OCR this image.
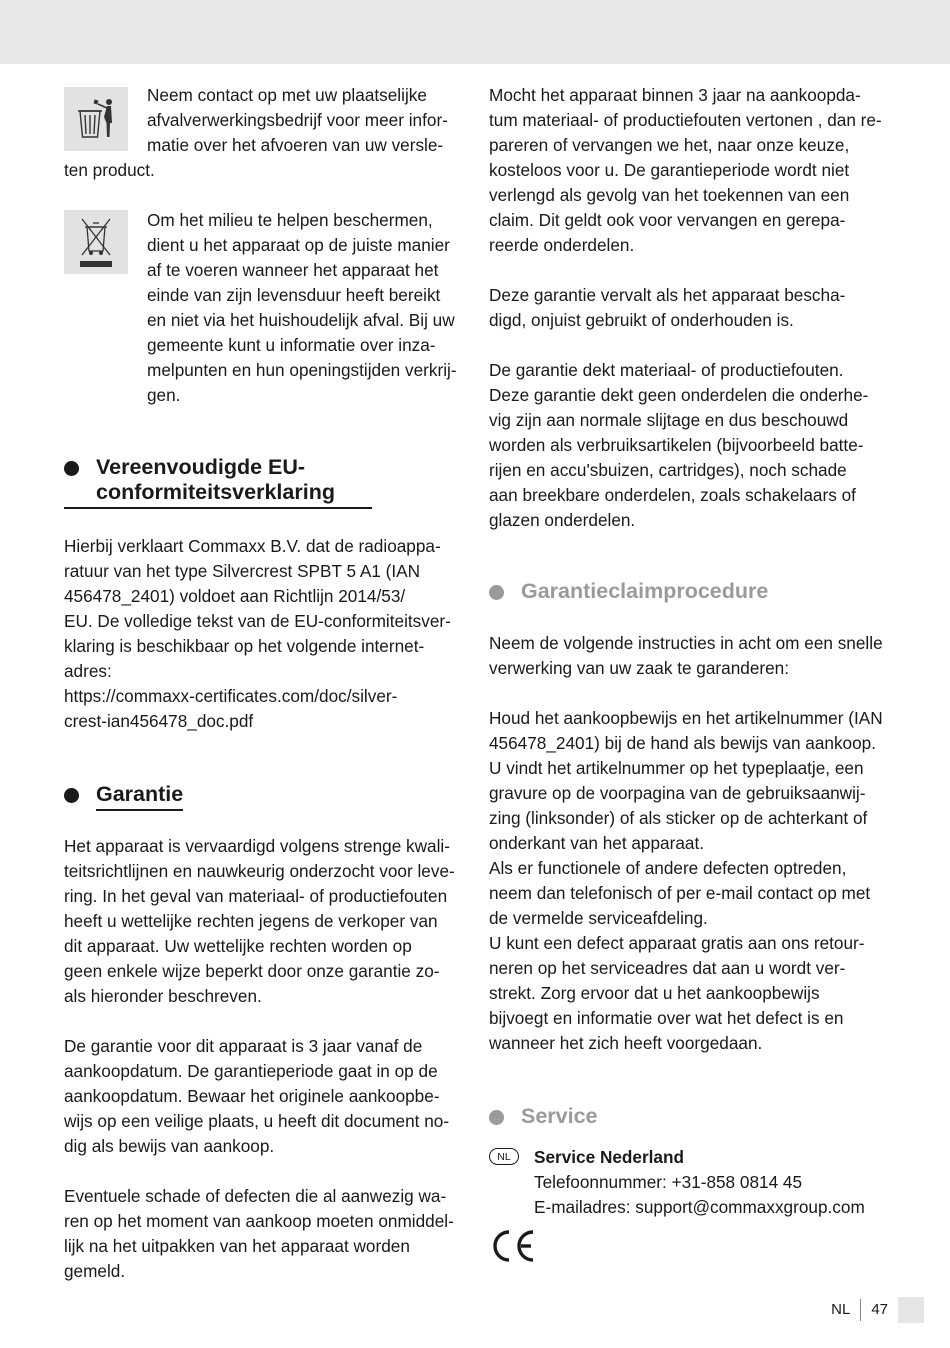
Neem contact op met uw plaatselijke

afvalverwerkingsbedrijf voor meer infor-

matie over het afvoeren van uw versle-

ten product.

Om het milieu te helpen beschermen,

dient u het apparaat op de juiste manier

af te voeren wanneer het apparaat het

einde van zijn levensduur heeft bereikt

en niet via het huishoudelijk afval. Bij uw

gemeente kunt u informatie over inza-

melpunten en hun openingstijden verkrij-

gen.

Vereenvoudigde EU-
conformiteitsverklaring

Hierbij verklaart Commaxx B.V. dat de radioappa-

ratuur van het type Silvercrest SPBT 5 A1 (IAN

456478_2401) voldoet aan Richtlijn 2014/53/

EU. De volledige tekst van de EU-conformiteitsver-

klaring is beschikbaar op het volgende internet-

adres:

https://commaxx-certificates.com/doc/silver-

crest-ian456478_doc.pdf

Garantie

Het apparaat is vervaardigd volgens strenge kwali-

teitsrichtlijnen en nauwkeurig onderzocht voor leve-

ring. In het geval van materiaal- of productiefouten

heeft u wettelijke rechten jegens de verkoper van

dit apparaat. Uw wettelijke rechten worden op

geen enkele wijze beperkt door onze garantie zo-

als hieronder beschreven.

De garantie voor dit apparaat is 3 jaar vanaf de

aankoopdatum. De garantieperiode gaat in op de

aankoopdatum. Bewaar het originele aankoopbe-

wijs op een veilige plaats, u heeft dit document no-

dig als bewijs van aankoop.

Eventuele schade of defecten die al aanwezig wa-

ren op het moment van aankoop moeten onmiddel-

lijk na het uitpakken van het apparaat worden

gemeld.

Mocht het apparaat binnen 3 jaar na aankoopda-

tum materiaal- of productiefouten vertonen , dan re-

pareren of vervangen we het, naar onze keuze,

kosteloos voor u. De garantieperiode wordt niet

verlengd als gevolg van het toekennen van een

claim. Dit geldt ook voor vervangen en gerepa-

reerde onderdelen.

Deze garantie vervalt als het apparaat bescha-

digd, onjuist gebruikt of onderhouden is.

De garantie dekt materiaal- of productiefouten.

Deze garantie dekt geen onderdelen die onderhe-

vig zijn aan normale slijtage en dus beschouwd

worden als verbruiksartikelen (bijvoorbeeld batte-

rijen en accu'sbuizen, cartridges), noch schade

aan breekbare onderdelen, zoals schakelaars of

glazen onderdelen.

Garantieclaimprocedure

Neem de volgende instructies in acht om een snelle

verwerking van uw zaak te garanderen:

Houd het aankoopbewijs en het artikelnummer (IAN

456478_2401) bij de hand als bewijs van aankoop.

U vindt het artikelnummer op het typeplaatje, een

gravure op de voorpagina van de gebruiksaanwij-

zing (linksonder) of als sticker op de achterkant of

onderkant van het apparaat.

Als er functionele of andere defecten optreden,

neem dan telefonisch of per e-mail contact op met

de vermelde serviceafdeling.

U kunt een defect apparaat gratis aan ons retour-

neren op het serviceadres dat aan u wordt ver-

strekt. Zorg ervoor dat u het aankoopbewijs

bijvoegt en informatie over wat het defect is en

wanneer het zich heeft voorgedaan.

Service
NL	Service Nederland
Telefoonnummer: +31-858 0814 45
E-mailadres: support@commaxxgroup.com
NL	47
